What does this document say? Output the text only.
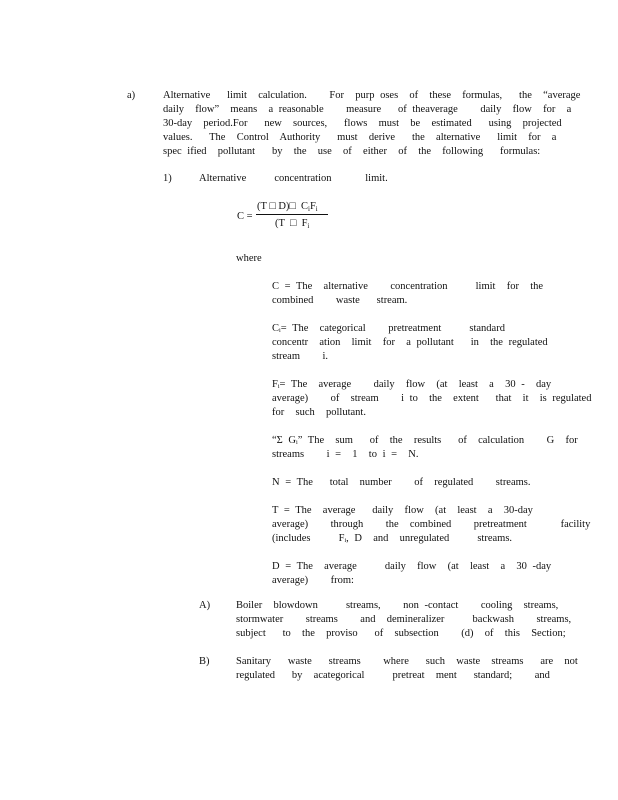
a)	Alternative   limit  calculation.    For  purp oses  of  these  formulas,   the  “average
daily  flow”  means  a reasonable    measure   of theaverage    daily  flow  for  a
30-day  period.For   new  sources,   flows  must  be  estimated   using  projected
values.   The  Control  Authority   must  derive   the  alternative   limit  for  a
spec ified  pollutant   by  the  use  of  either  of  the  following   formulas:
1)	Alternative     concentration      limit.
C =
(T □ D)□  $C_iF_i$
(T  □  $F_i$
where

C = The  alternative    concentration     limit  for  the

combined    waste   stream.

Cᵢ= The  categorical    pretreatment     standard

concentr  ation  limit  for  a pollutant   in  the regulated

stream    i.

Fᵢ= The  average    daily  flow  (at  least  a  30 -  day

average)    of  stream    i to  the  extent   that  it  is regulated

for  such  pollutant.

“Σ Gᵢ” The  sum   of  the  results   of  calculation    G  for

streams    i =  1  to i =  N.

N = The   total  number    of  regulated    streams.

T = The  average   daily  flow  (at  least  a  30-day

average)    through    the  combined    pretreatment      facility

(includes     Fᵢ, D  and  unregulated     streams.

D = The  average     daily  flow  (at  least  a  30 -day

average)    from:

A) Boiler  blowdown     streams,    non -contact    cooling  streams,
stormwater    streams    and  demineralizer     backwash    streams,
subject   to  the  proviso   of  subsection    (d)  of  this  Section;
B)	Sanitary   waste   streams    where   such  waste  streams   are  not
regulated   by  acategorical     pretreat  ment   standard;    and
